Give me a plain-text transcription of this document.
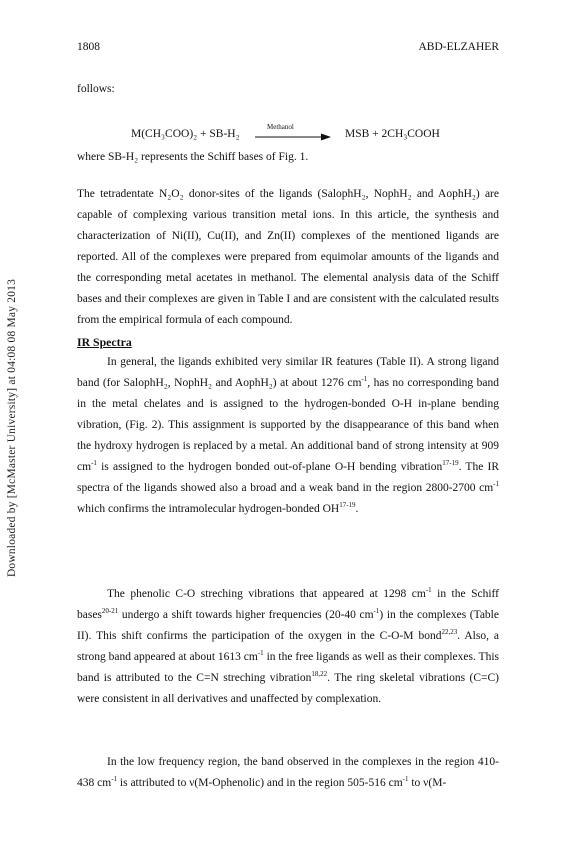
Downloaded by [McMaster University] at 04:08 08 May 2013
1808	ABD-ELZAHER
follows:
M(CH₃COO)₂ + SB-H₂
Methanol
MSB + 2CH₃COOH
where SB-H₂ represents the Schiff bases of Fig. 1.

The tetradentate N₂O₂ donor-sites of the ligands (SalophH₂, NophH₂ and AophH₂) are capable of complexing various transition metal ions. In this article, the synthesis and characterization of Ni(II), Cu(II), and Zn(II) complexes of the mentioned ligands are reported. All of the complexes were prepared from equimolar amounts of the ligands and the corresponding metal acetates in methanol. The elemental analysis data of the Schiff bases and their complexes are given in Table I and are consistent with the calculated results from the empirical formula of each compound.

IR Spectra

In general, the ligands exhibited very similar IR features (Table II). A strong ligand band (for SalophH₂, NophH₂ and AophH₂) at about 1276 $cm^{-1}$, has no corresponding band in the metal chelates and is assigned to the hydrogen-bonded O-H in-plane bending vibration, (Fig. 2). This assignment is supported by the disappearance of this band when the hydroxy hydrogen is replaced by a metal. An additional band of strong intensity at 909 $cm^{-1}$ is assigned to the hydrogen bonded out-of-plane O-H bending vibration$^{17-19}$. The IR spectra of the ligands showed also a broad and a weak band in the region 2800-2700 $cm^{-1}$ which confirms the intramolecular hydrogen-bonded OH$^{17-19}$.

The phenolic C-O streching vibrations that appeared at 1298 $cm^{-1}$ in the Schiff bases$^{20-21}$ undergo a shift towards higher frequencies (20-40 $cm^{-1}$) in the complexes (Table II). This shift confirms the participation of the oxygen in the C-O-M bond$^{22,23}$. Also, a strong band appeared at about 1613 $cm^{-1}$ in the free ligands as well as their complexes. This band is attributed to the C=N streching vibration$^{18,22}$. The ring skeletal vibrations (C=C) were consistent in all derivatives and unaffected by complexation.

In the low frequency region, the band observed in the complexes in the region 410-438 $cm^{-1}$ is attributed to ν(M-Ophenolic) and in the region 505-516 $cm^{-1}$ to ν(M-
